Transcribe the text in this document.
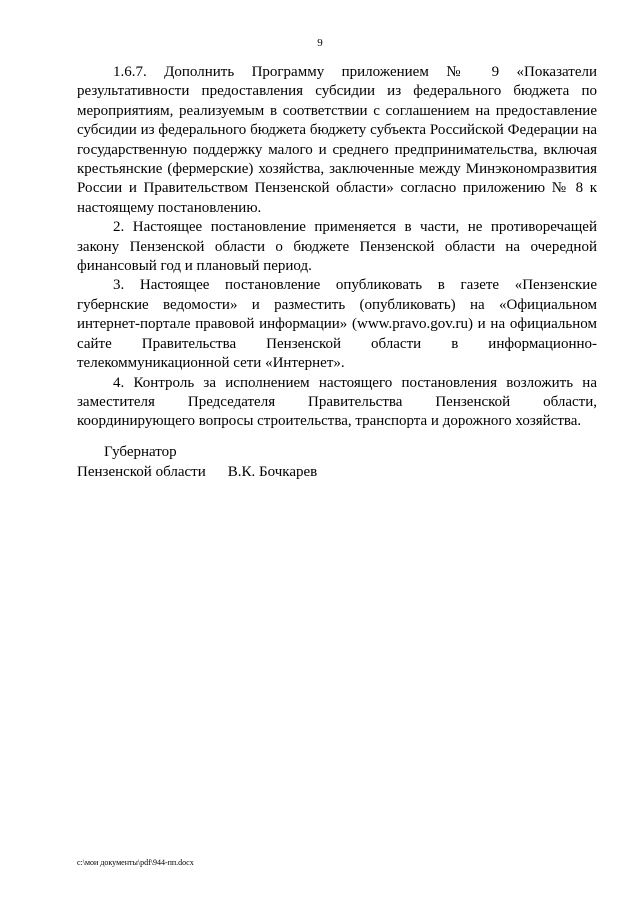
9

1.6.7. Дополнить Программу приложением № 9 «Показатели результативности предоставления субсидии из федерального бюджета по мероприятиям, реализуемым в соответствии с соглашением на предоставление субсидии из федерального бюджета бюджету субъекта Российской Федерации на государственную поддержку малого и среднего предпринимательства, включая крестьянские (фермерские) хозяйства, заключенные между Минэкономразвития России и Правительством Пензенской области» согласно приложению № 8 к настоящему постановлению.

2. Настоящее постановление применяется в части, не противоречащей закону Пензенской области о бюджете Пензенской области на очередной финансовый год и плановый период.

3. Настоящее постановление опубликовать в газете «Пензенские губернские ведомости» и разместить (опубликовать) на «Официальном интернет-портале правовой информации» (www.pravo.gov.ru) и на официальном сайте Правительства Пензенской области в информационно-телекоммуникационной сети «Интернет».

4. Контроль за исполнением настоящего постановления возложить на заместителя Председателя Правительства Пензенской области, координирующего вопросы строительства, транспорта и дорожного хозяйства.

Губернатор
Пензенской области В.К. Бочкарев
c:\мои документы\pdf\944-пп.docx
